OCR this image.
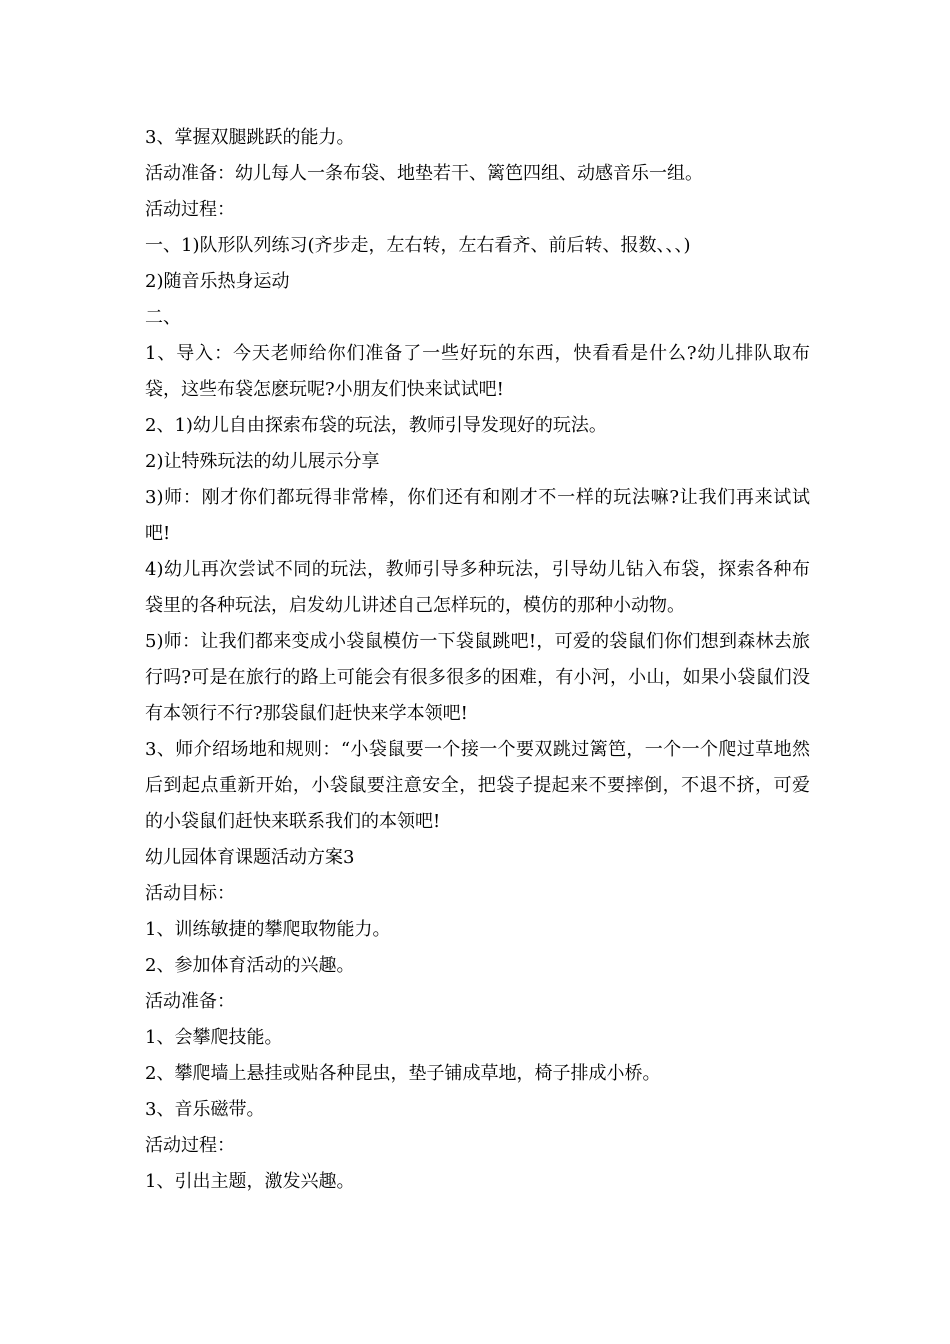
3、掌握双腿跳跃的能力。

活动准备：幼儿每人一条布袋、地垫若干、篱笆四组、动感音乐一组。

活动过程：

一、1)队形队列练习(齐步走，左右转，左右看齐、前后转、报数、、、)

2)随音乐热身运动

二、

1、导入：今天老师给你们准备了一些好玩的东西，快看看是什么?幼儿排队取布袋，这些布袋怎麽玩呢?小朋友们快来试试吧!

2、1)幼儿自由探索布袋的玩法，教师引导发现好的玩法。

2)让特殊玩法的幼儿展示分享

3)师：刚才你们都玩得非常棒，你们还有和刚才不一样的玩法嘛?让我们再来试试吧!

4)幼儿再次尝试不同的玩法，教师引导多种玩法，引导幼儿钻入布袋，探索各种布袋里的各种玩法，启发幼儿讲述自己怎样玩的，模仿的那种小动物。

5)师：让我们都来变成小袋鼠模仿一下袋鼠跳吧!，可爱的袋鼠们你们想到森林去旅行吗?可是在旅行的路上可能会有很多很多的困难，有小河，小山，如果小袋鼠们没有本领行不行?那袋鼠们赶快来学本领吧!

3、师介绍场地和规则：“小袋鼠要一个接一个要双跳过篱笆，一个一个爬过草地然后到起点重新开始，小袋鼠要注意安全，把袋子提起来不要摔倒，不退不挤，可爱的小袋鼠们赶快来联系我们的本领吧!

幼儿园体育课题活动方案3

活动目标：

1、训练敏捷的攀爬取物能力。

2、参加体育活动的兴趣。

活动准备：

1、会攀爬技能。

2、攀爬墙上悬挂或贴各种昆虫，垫子铺成草地，椅子排成小桥。

3、音乐磁带。

活动过程：

1、引出主题，激发兴趣。
